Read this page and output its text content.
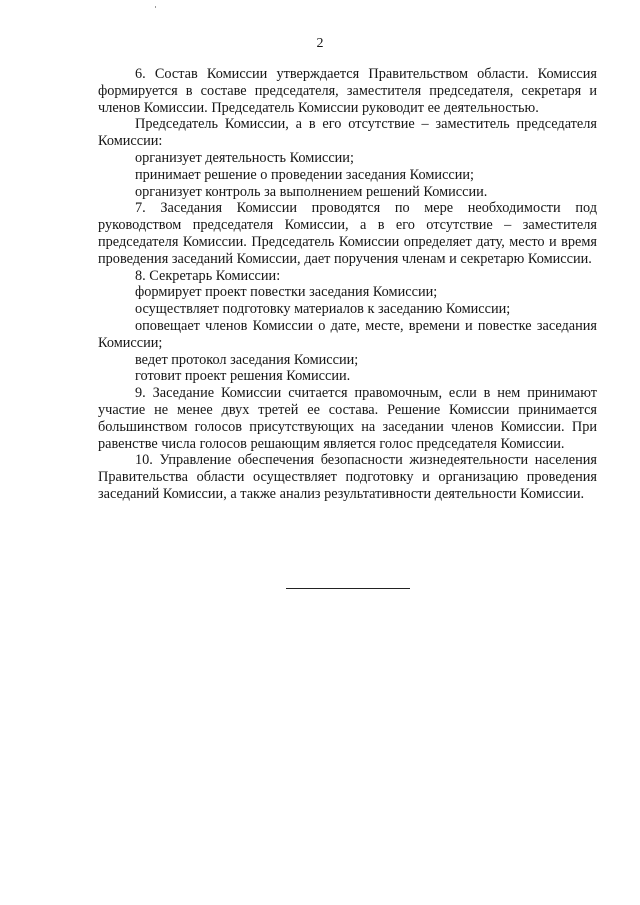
2

6. Состав Комиссии утверждается Правительством области. Комиссия формируется в составе председателя, заместителя председателя, секретаря и членов Комиссии. Председатель Комиссии руководит ее деятельностью.

Председатель Комиссии, а в его отсутствие – заместитель председателя Комиссии:

организует деятельность Комиссии;

принимает решение о проведении заседания Комиссии;

организует контроль за выполнением решений Комиссии.

7. Заседания Комиссии проводятся по мере необходимости под руководством председателя Комиссии, а в его отсутствие – заместителя председателя Комиссии. Председатель Комиссии определяет дату, место и время проведения заседаний Комиссии, дает поручения членам и секретарю Комиссии.

8. Секретарь Комиссии:

формирует проект повестки заседания Комиссии;

осуществляет подготовку материалов к заседанию Комиссии;

оповещает членов Комиссии о дате, месте, времени и повестке заседания Комиссии;

ведет протокол заседания Комиссии;

готовит проект решения Комиссии.

9. Заседание Комиссии считается правомочным, если в нем принимают участие не менее двух третей ее состава. Решение Комиссии принимается большинством голосов присутствующих на заседании членов Комиссии. При равенстве числа голосов решающим является голос председателя Комиссии.

10. Управление обеспечения безопасности жизнедеятельности населения Правительства области осуществляет подготовку и организацию проведения заседаний Комиссии, а также анализ результативности деятельности Комиссии.
